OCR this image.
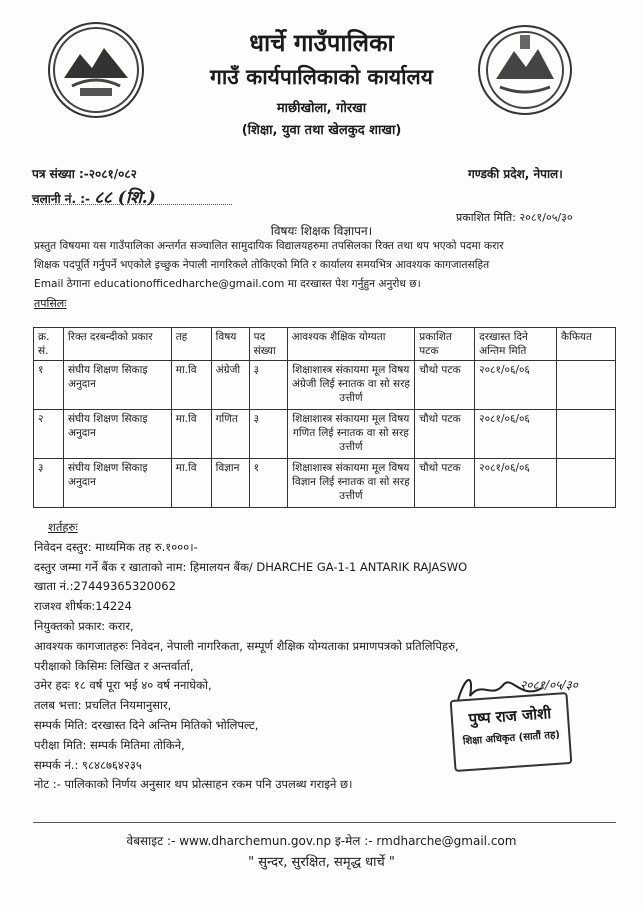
धार्चे गाउँपालिका
गाउँ कार्यपालिकाको कार्यालय
माछीखोला, गोरखा
(शिक्षा, युवा तथा खेलकुद शाखा)
पत्र संख्या :-२०८१/०८२
चलानी नं. :- ८८ (शि.)
गण्डकी प्रदेश, नेपाल।
प्रकाशित मिति: २०८१/०५/३०
विषयः शिक्षक विज्ञापन।
प्रस्तुत विषयमा यस गाउँपालिका अन्तर्गत सञ्चालित सामुदायिक विद्यालयहरुमा तपसिलका रिक्त तथा थप भएको पदमा करार
शिक्षक पदपूर्ति गर्नुपर्ने भएकोले इच्छुक नेपाली नागरिकले तोकिएको मिति र कार्यालय समयभित्र आवश्यक कागजातसहित
Email ठेगाना educationofficedharche@gmail.com मा दरखास्त पेश गर्नुहुन अनुरोध छ।
तपसिलः
क्र. सं.	रिक्त दरबन्दीको प्रकार	तह	विषय	पद संख्या	आवश्यक शैक्षिक योग्यता	प्रकाशित पटक	दरखास्त दिने अन्तिम मिति	कैफियत
१	संघीय शिक्षण सिकाइ अनुदान	मा.वि	अंग्रेजी	३	शिक्षाशास्त्र संकायमा मूल विषय अंग्रेजी लिई स्नातक वा सो सरह उत्तीर्ण	चौथो पटक	२०८१/०६/०६	
२	संघीय शिक्षण सिकाइ अनुदान	मा.वि	गणित	३	शिक्षाशास्त्र संकायमा मूल विषय गणित लिई स्नातक वा सो सरह उत्तीर्ण	चौथो पटक	२०८१/०६/०६	
३	संघीय शिक्षण सिकाइ अनुदान	मा.वि	विज्ञान	१	शिक्षाशास्त्र संकायमा मूल विषय विज्ञान लिई स्नातक वा सो सरह उत्तीर्ण	चौथो पटक	२०८१/०६/०६	
शर्तहरुः
निवेदन दस्तुर: माध्यमिक तह रु.१०००।-
दस्तुर जम्मा गर्ने बैंक र खाताको नाम: हिमालयन बैंक/ DHARCHE GA-1-1 ANTARIK RAJASWO
खाता नं.:27449365320062
राजश्व शीर्षक:14224
नियुक्तको प्रकार: करार,
आवश्यक कागजातहरुः निवेदन, नेपाली नागरिकता, सम्पूर्ण शैक्षिक योग्यताका प्रमाणपत्रको प्रतिलिपिहरु,
परीक्षाको किसिमः लिखित र अन्तर्वार्ता,
उमेर हदः १८ वर्ष पूरा भई ४० वर्ष ननाघेको,
तलब भत्ता: प्रचलित नियमानुसार,
सम्पर्क मिति: दरखास्त दिने अन्तिम मितिको भोलिपल्ट,
परीक्षा मिति: सम्पर्क मितिमा तोकिने,
सम्पर्क नं.: ९८४८७६४२३५
नोट :- पालिकाको निर्णय अनुसार थप प्रोत्साहन रकम पनि उपलब्ध गराइने छ।
२०८१/०५/३०
पुष्प राज जोशी
शिक्षा अधिकृत (सातौं तह)
वेबसाइट :- www.dharchemun.gov.np इ-मेल :- rmdharche@gmail.com
" सुन्दर, सुरक्षित, समृद्ध धार्चे "
